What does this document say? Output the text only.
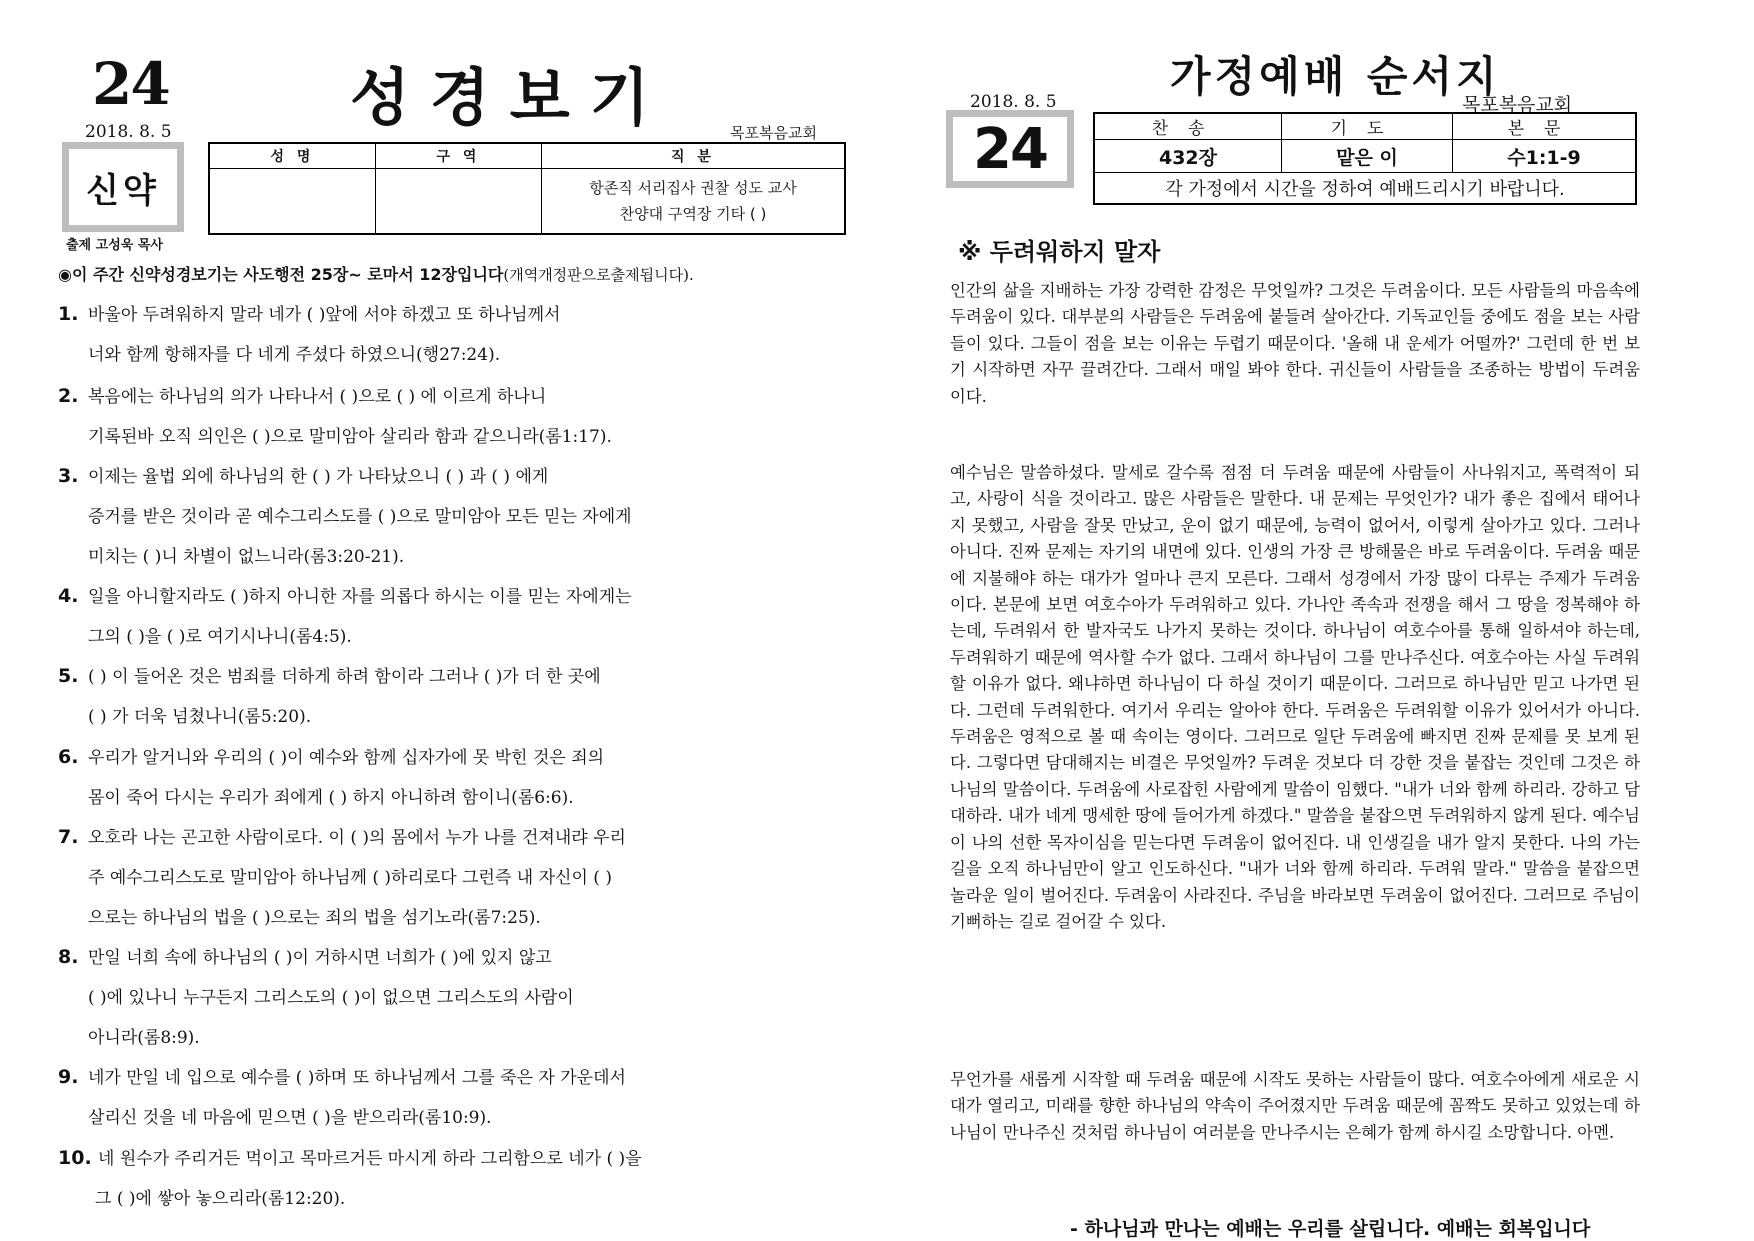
24	성경보기
2018. 8. 5	목포복음교회
신약
출제 고성욱 목사
성 명	구 역	직 분

		항존직 서리집사 권찰 성도 교사
찬양대 구역장 기타 ( )
◉이 주간 신약성경보기는 사도행전 25장~ 로마서 12장입니다(개역개정판으로출제됩니다).
1. 바울아 두려워하지 말라 네가 ( )앞에 서야 하겠고 또 하나님께서
너와 함께 항해자를 다 네게 주셨다 하였으니(행27:24).
2. 복음에는 하나님의 의가 나타나서 ( )으로 ( ) 에 이르게 하나니
기록된바 오직 의인은 ( )으로 말미암아 살리라 함과 같으니라(롬1:17).
3. 이제는 율법 외에 하나님의 한 ( ) 가 나타났으니 ( ) 과 ( ) 에게
증거를 받은 것이라 곧 예수그리스도를 ( )으로 말미암아 모든 믿는 자에게
미치는 ( )니 차별이 없느니라(롬3:20-21).
4. 일을 아니할지라도 ( )하지 아니한 자를 의롭다 하시는 이를 믿는 자에게는
그의 ( )을 ( )로 여기시나니(롬4:5).
5. ( ) 이 들어온 것은 범죄를 더하게 하려 함이라 그러나 ( )가 더 한 곳에
( ) 가 더욱 넘쳤나니(롬5:20).
6. 우리가 알거니와 우리의 ( )이 예수와 함께 십자가에 못 박힌 것은 죄의
몸이 죽어 다시는 우리가 죄에게 ( ) 하지 아니하려 함이니(롬6:6).
7. 오호라 나는 곤고한 사람이로다. 이 ( )의 몸에서 누가 나를 건져내랴 우리
주 예수그리스도로 말미암아 하나님께 ( )하리로다 그런즉 내 자신이 ( )
으로는 하나님의 법을 ( )으로는 죄의 법을 섬기노라(롬7:25).
8. 만일 너희 속에 하나님의 ( )이 거하시면 너희가 ( )에 있지 않고
( )에 있나니 누구든지 그리스도의 ( )이 없으면 그리스도의 사람이
아니라(롬8:9).
9. 네가 만일 네 입으로 예수를 ( )하며 또 하나님께서 그를 죽은 자 가운데서
살리신 것을 네 마음에 믿으면 ( )을 받으리라(롬10:9).
10. 네 원수가 주리거든 먹이고 목마르거든 마시게 하라 그리함으로 네가 ( )을
그 ( )에 쌓아 놓으리라(롬12:20).
가정예배 순서지
2018. 8. 5	목포복음교회
24	찬송	기도	본문
432장	맡은 이	수1:1-9
각 가정에서 시간을 정하여 예배드리시기 바랍니다.		
※ 두려워하지 말자
인간의 삶을 지배하는 가장 강력한 감정은 무엇일까? 그것은 두려움이다. 모든 사람들의 마음속에 두려움이 있다. 대부분의 사람들은 두려움에 붙들려 살아간다. 기독교인들 중에도 점을 보는 사람들이 있다. 그들이 점을 보는 이유는 두렵기 때문이다. '올해 내 운세가 어떨까?' 그런데 한 번 보기 시작하면 자꾸 끌려간다. 그래서 매일 봐야 한다. 귀신들이 사람들을 조종하는 방법이 두려움이다.
예수님은 말씀하셨다. 말세로 갈수록 점점 더 두려움 때문에 사람들이 사나워지고, 폭력적이 되고, 사랑이 식을 것이라고. 많은 사람들은 말한다. 내 문제는 무엇인가? 내가 좋은 집에서 태어나지 못했고, 사람을 잘못 만났고, 운이 없기 때문에, 능력이 없어서, 이렇게 살아가고 있다. 그러나 아니다. 진짜 문제는 자기의 내면에 있다. 인생의 가장 큰 방해물은 바로 두려움이다. 두려움 때문에 지불해야 하는 대가가 얼마나 큰지 모른다. 그래서 성경에서 가장 많이 다루는 주제가 두려움이다. 본문에 보면 여호수아가 두려워하고 있다. 가나안 족속과 전쟁을 해서 그 땅을 정복해야 하는데, 두려워서 한 발자국도 나가지 못하는 것이다. 하나님이 여호수아를 통해 일하셔야 하는데, 두려워하기 때문에 역사할 수가 없다. 그래서 하나님이 그를 만나주신다. 여호수아는 사실 두려워할 이유가 없다. 왜냐하면 하나님이 다 하실 것이기 때문이다. 그러므로 하나님만 믿고 나가면 된다. 그런데 두려워한다. 여기서 우리는 알아야 한다. 두려움은 두려워할 이유가 있어서가 아니다. 두려움은 영적으로 볼 때 속이는 영이다. 그러므로 일단 두려움에 빠지면 진짜 문제를 못 보게 된다. 그렇다면 담대해지는 비결은 무엇일까? 두려운 것보다 더 강한 것을 붙잡는 것인데 그것은 하나님의 말씀이다. 두려움에 사로잡힌 사람에게 말씀이 임했다. "내가 너와 함께 하리라. 강하고 담대하라. 내가 네게 맹세한 땅에 들어가게 하겠다." 말씀을 붙잡으면 두려워하지 않게 된다. 예수님이 나의 선한 목자이심을 믿는다면 두려움이 없어진다. 내 인생길을 내가 알지 못한다. 나의 가는 길을 오직 하나님만이 알고 인도하신다. "내가 너와 함께 하리라. 두려워 말라." 말씀을 붙잡으면 놀라운 일이 벌어진다. 두려움이 사라진다. 주님을 바라보면 두려움이 없어진다. 그러므로 주님이 기뻐하는 길로 걸어갈 수 있다.
무언가를 새롭게 시작할 때 두려움 때문에 시작도 못하는 사람들이 많다. 여호수아에게 새로운 시대가 열리고, 미래를 향한 하나님의 약속이 주어졌지만 두려움 때문에 꼼짝도 못하고 있었는데 하나님이 만나주신 것처럼 하나님이 여러분을 만나주시는 은혜가 함께 하시길 소망합니다. 아멘.
- 하나님과 만나는 예배는 우리를 살립니다. 예배는 회복입니다
